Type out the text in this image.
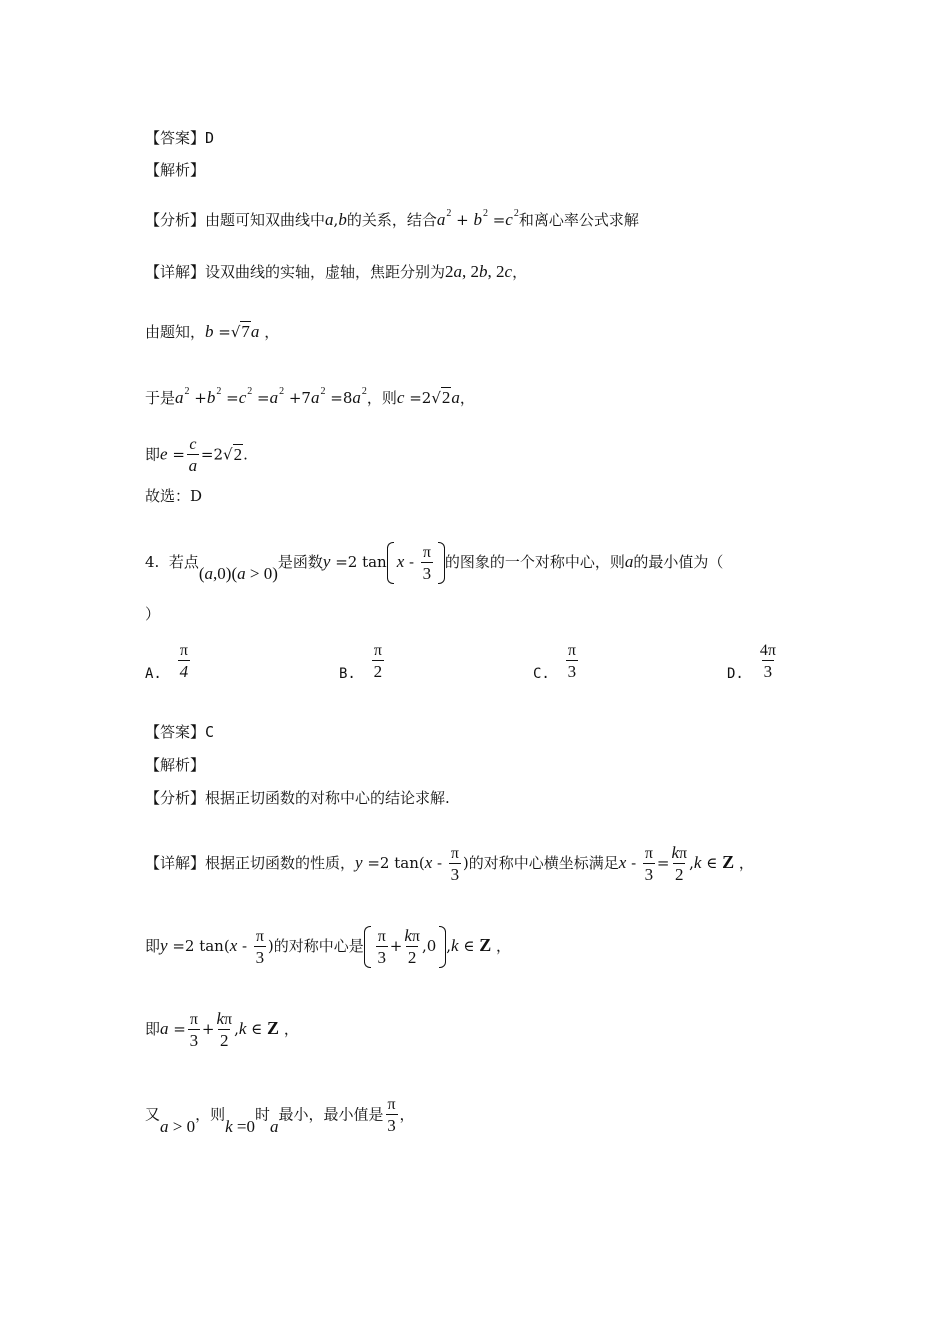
【答案】D
【解析】
【分析】由题可知双曲线中a,b的关系，结合$a^2 + b^2 =c^2$和离心率公式求解
【详解】设双曲线的实轴，虚轴，焦距分别为2a, 2b, 2c，
由题知，b =√7a ，
于是$a^2 +b^2 =c^2 =a^2 +7a^2 =8a^2$，则c =2√2a，
即$e = \frac{c}{a} =2√2$.
故选：D
4. 若点(a,0)(a > 0)是函数y =2 tan x - $\frac{\pi}{3}$ 的图象的一个对称中心，则a的最小值为（
）
A. $\frac{\pi}{4}$	B. $\frac{\pi}{2}$	C. $\frac{\pi}{3}$	D. $\frac{4\pi}{3}$
【答案】C
【解析】
【分析】根据正切函数的对称中心的结论求解.
【详解】根据正切函数的性质，y =2 $\tan(x - \frac{\pi}{3}$ )的对称中心横坐标满足$x - \frac{\pi}{3} = \frac{k\pi}{2} ,k$ ∈ Z ，
即y =2 $\tan(x - \frac{\pi}{3}$ )的对称中心是 $\frac{\pi}{3} + \frac{k\pi}{2} ,0$ ,k ∈ Z ，
即$a = \frac{\pi}{3} + \frac{k\pi}{2} ,k$ ∈ Z ，
又a > 0，则k =0时a最小，最小值是 $\frac{\pi}{3}$ ，
